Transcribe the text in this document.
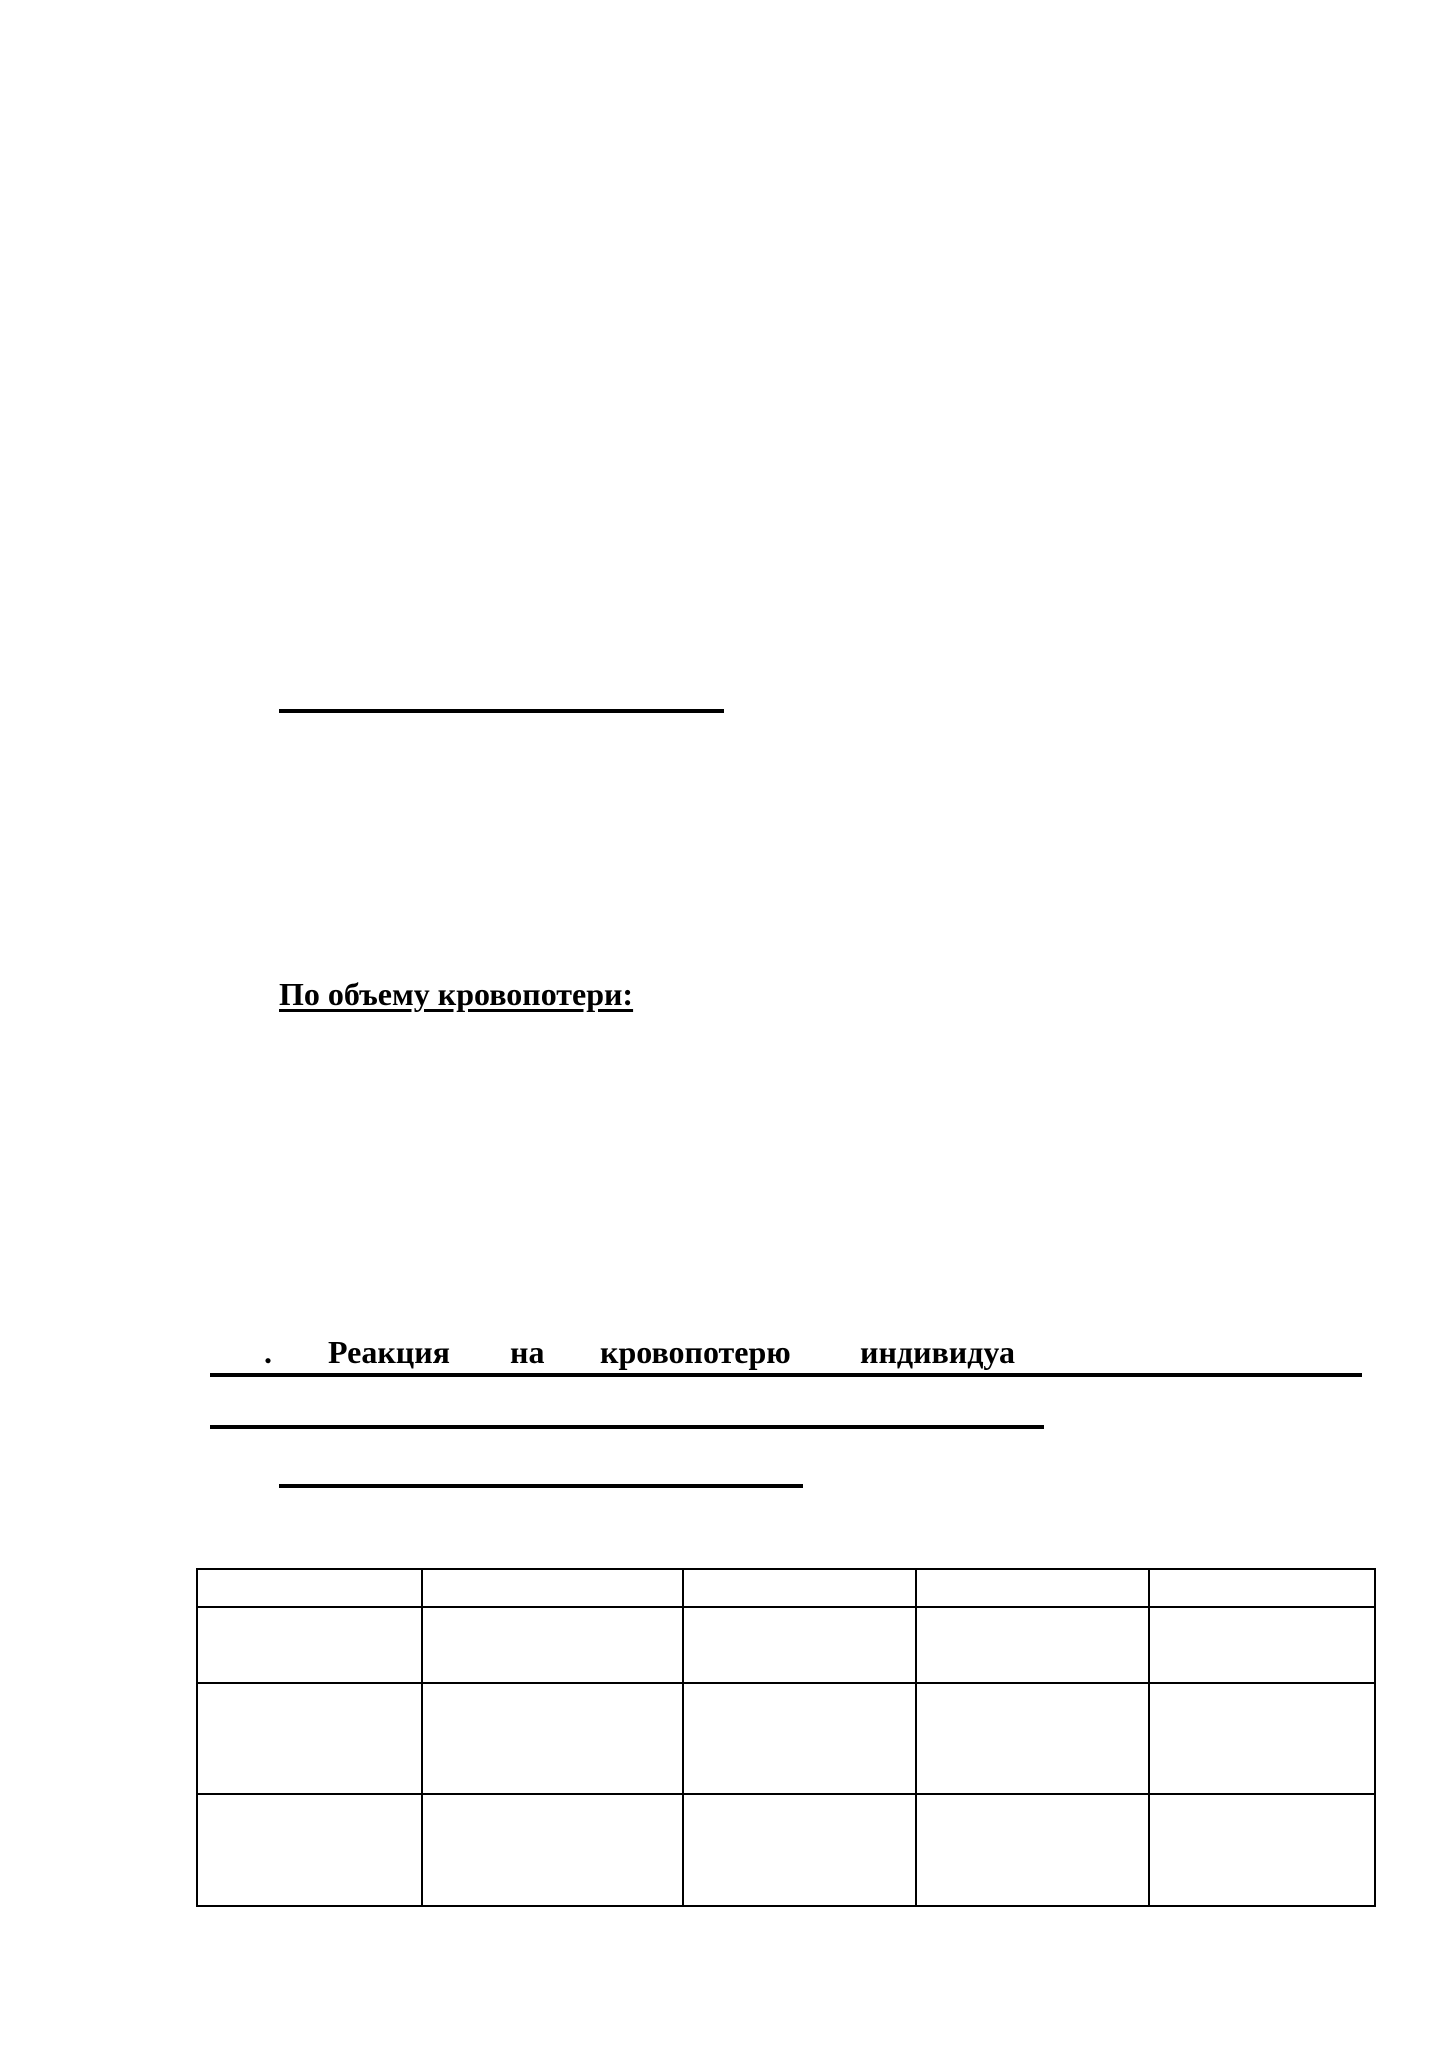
По объему кровопотери:
. Реакция на кровопотерю индивидуа
